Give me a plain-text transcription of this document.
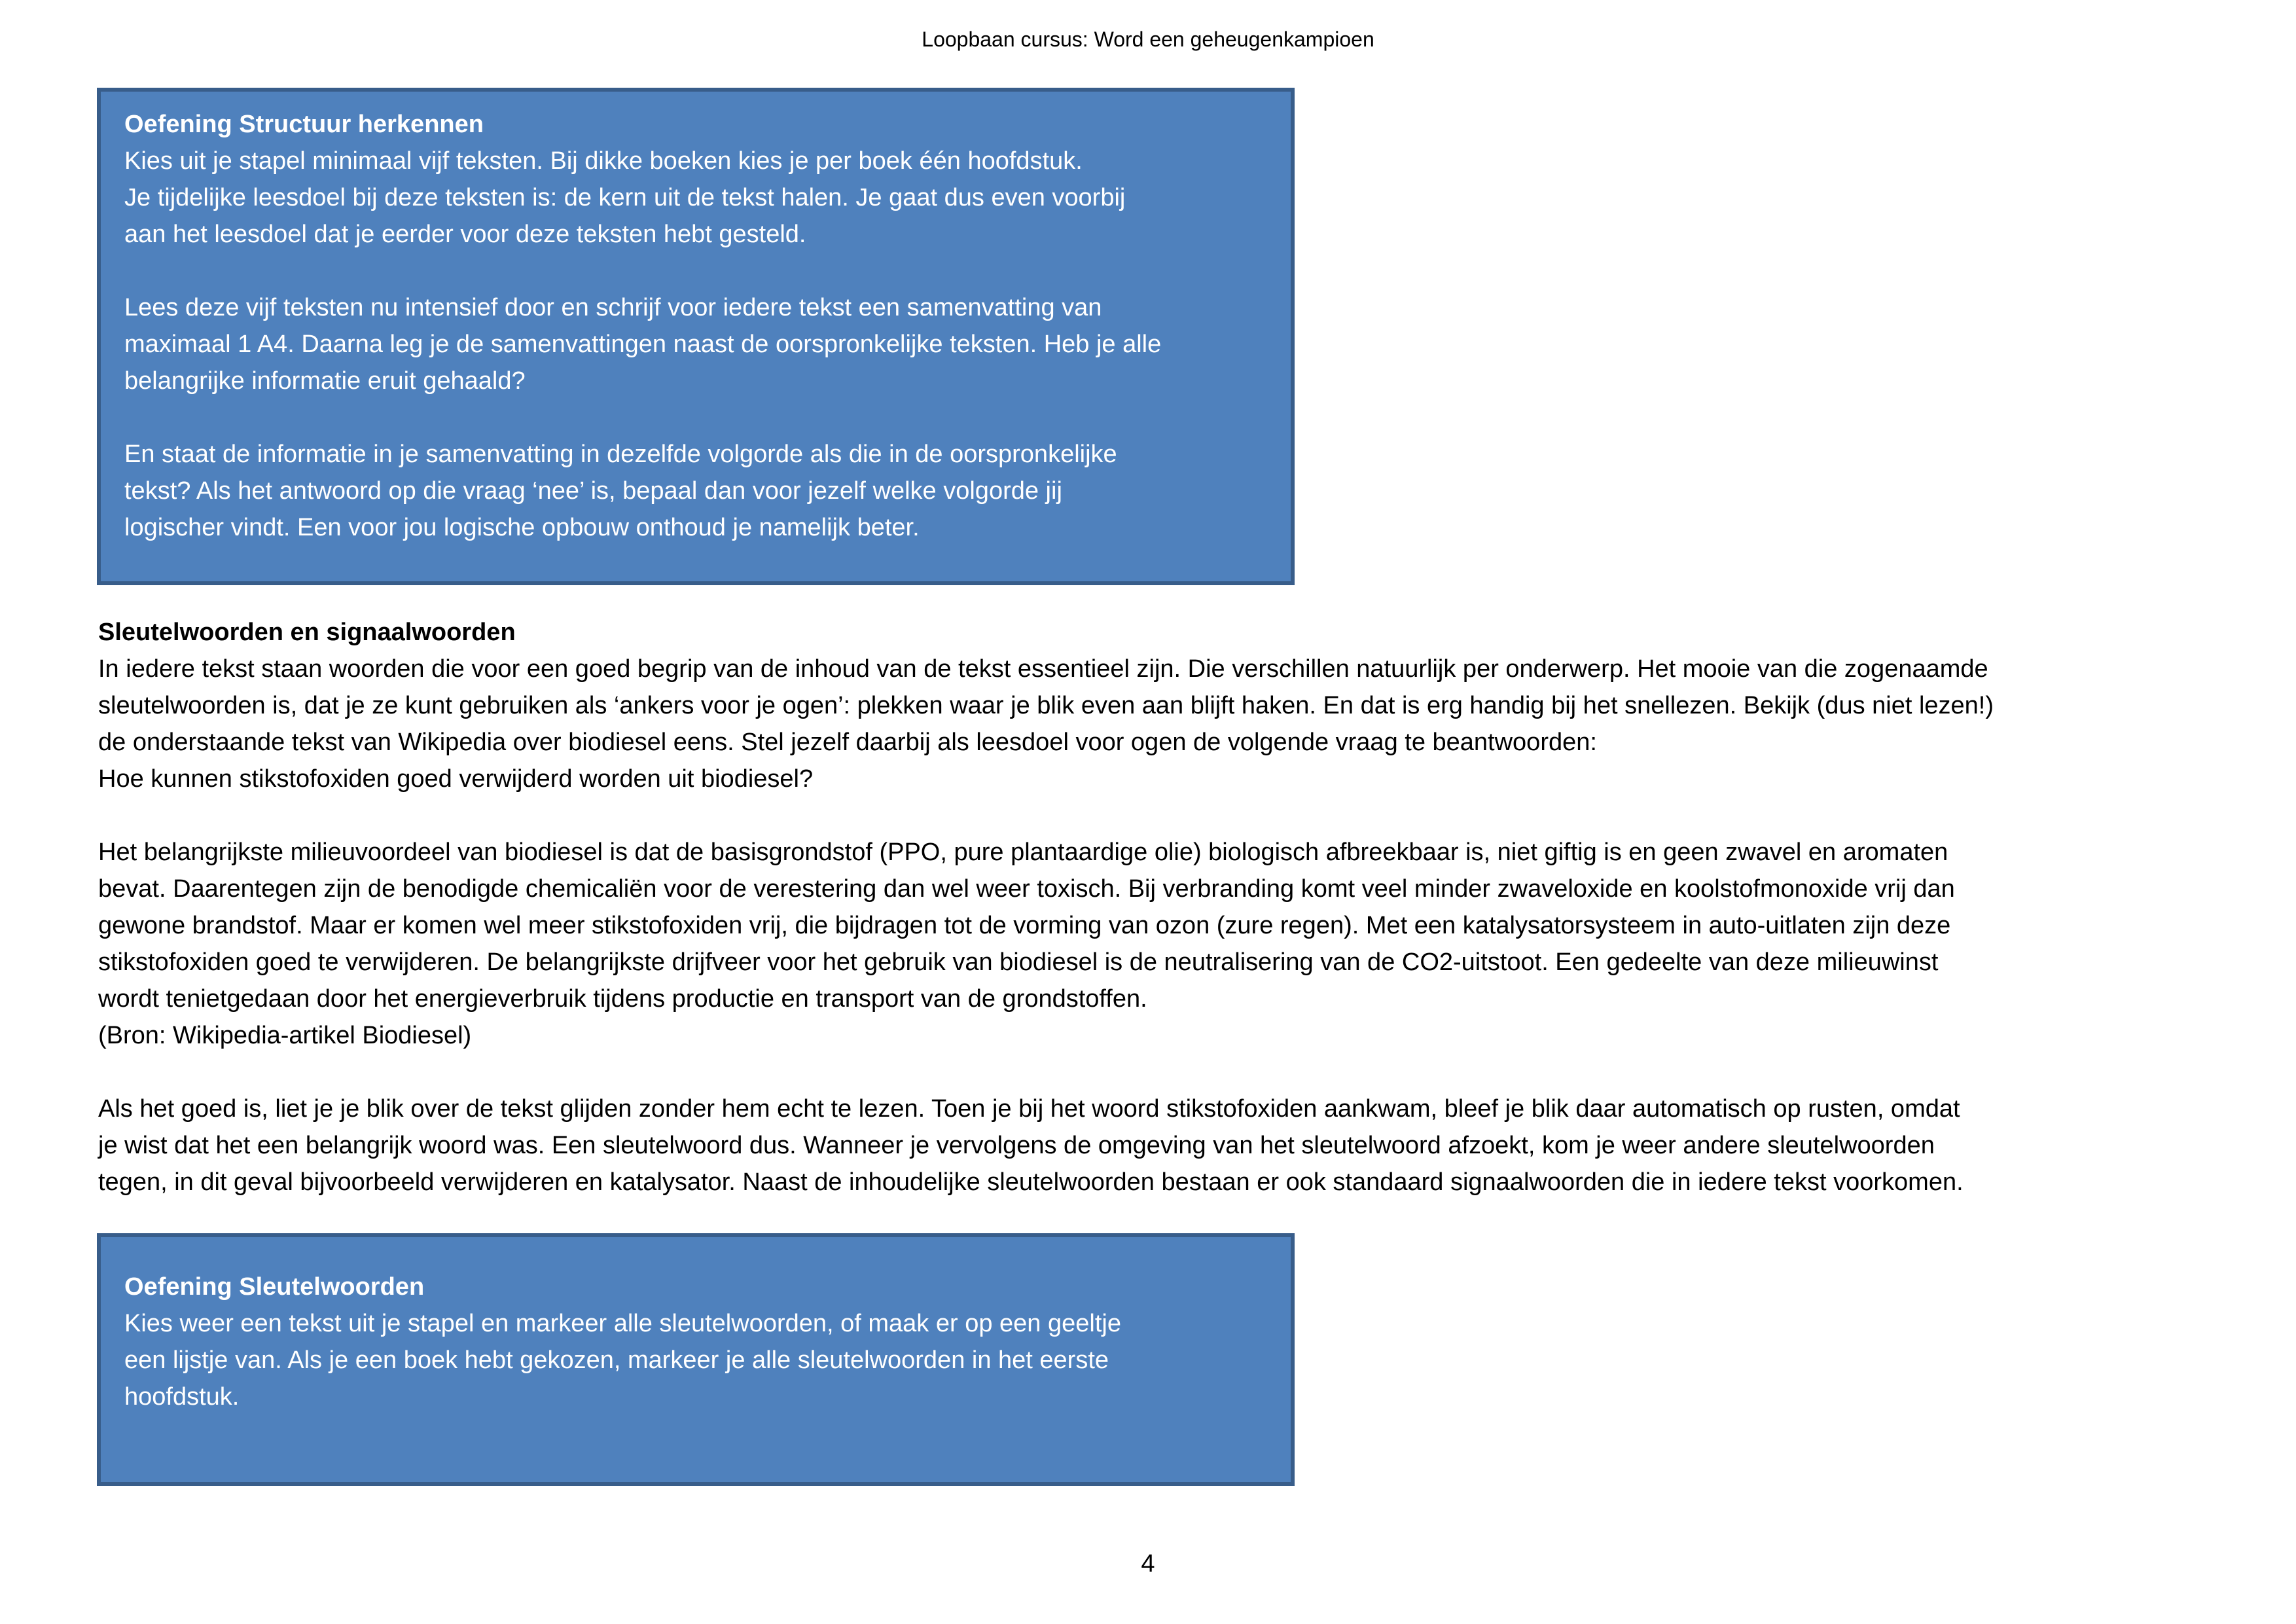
Loopbaan cursus: Word een geheugenkampioen

Oefening Structuur herkennen

Kies uit je stapel minimaal vijf teksten. Bij dikke boeken kies je per boek één hoofdstuk.

Je tijdelijke leesdoel bij deze teksten is: de kern uit de tekst halen. Je gaat dus even voorbij

aan het leesdoel dat je eerder voor deze teksten hebt gesteld.

Lees deze vijf teksten nu intensief door en schrijf voor iedere tekst een samenvatting van

maximaal 1 A4. Daarna leg je de samenvattingen naast de oorspronkelijke teksten. Heb je alle

belangrijke informatie eruit gehaald?

En staat de informatie in je samenvatting in dezelfde volgorde als die in de oorspronkelijke

tekst? Als het antwoord op die vraag ‘nee’ is, bepaal dan voor jezelf welke volgorde jij

logischer vindt. Een voor jou logische opbouw onthoud je namelijk beter.

Sleutelwoorden en signaalwoorden

In iedere tekst staan woorden die voor een goed begrip van de inhoud van de tekst essentieel zijn. Die verschillen natuurlijk per onderwerp. Het mooie van die zogenaamde

sleutelwoorden is, dat je ze kunt gebruiken als ‘ankers voor je ogen’: plekken waar je blik even aan blijft haken. En dat is erg handig bij het snellezen. Bekijk (dus niet lezen!)

de onderstaande tekst van Wikipedia over biodiesel eens. Stel jezelf daarbij als leesdoel voor ogen de volgende vraag te beantwoorden:

Hoe kunnen stikstofoxiden goed verwijderd worden uit biodiesel?

Het belangrijkste milieuvoordeel van biodiesel is dat de basisgrondstof (PPO, pure plantaardige olie) biologisch afbreekbaar is, niet giftig is en geen zwavel en aromaten

bevat. Daarentegen zijn de benodigde chemicaliën voor de verestering dan wel weer toxisch. Bij verbranding komt veel minder zwaveloxide en koolstofmonoxide vrij dan

gewone brandstof. Maar er komen wel meer stikstofoxiden vrij, die bijdragen tot de vorming van ozon (zure regen). Met een katalysatorsysteem in auto-uitlaten zijn deze

stikstofoxiden goed te verwijderen. De belangrijkste drijfveer voor het gebruik van biodiesel is de neutralisering van de CO2-uitstoot. Een gedeelte van deze milieuwinst

wordt tenietgedaan door het energieverbruik tijdens productie en transport van de grondstoffen.

(Bron: Wikipedia-artikel Biodiesel)

Als het goed is, liet je je blik over de tekst glijden zonder hem echt te lezen. Toen je bij het woord stikstofoxiden aankwam, bleef je blik daar automatisch op rusten, omdat

je wist dat het een belangrijk woord was. Een sleutelwoord dus. Wanneer je vervolgens de omgeving van het sleutelwoord afzoekt, kom je weer andere sleutelwoorden

tegen, in dit geval bijvoorbeeld verwijderen en katalysator. Naast de inhoudelijke sleutelwoorden bestaan er ook standaard signaalwoorden die in iedere tekst voorkomen.

Oefening Sleutelwoorden

Kies weer een tekst uit je stapel en markeer alle sleutelwoorden, of maak er op een geeltje

een lijstje van. Als je een boek hebt gekozen, markeer je alle sleutelwoorden in het eerste

hoofdstuk.

4
